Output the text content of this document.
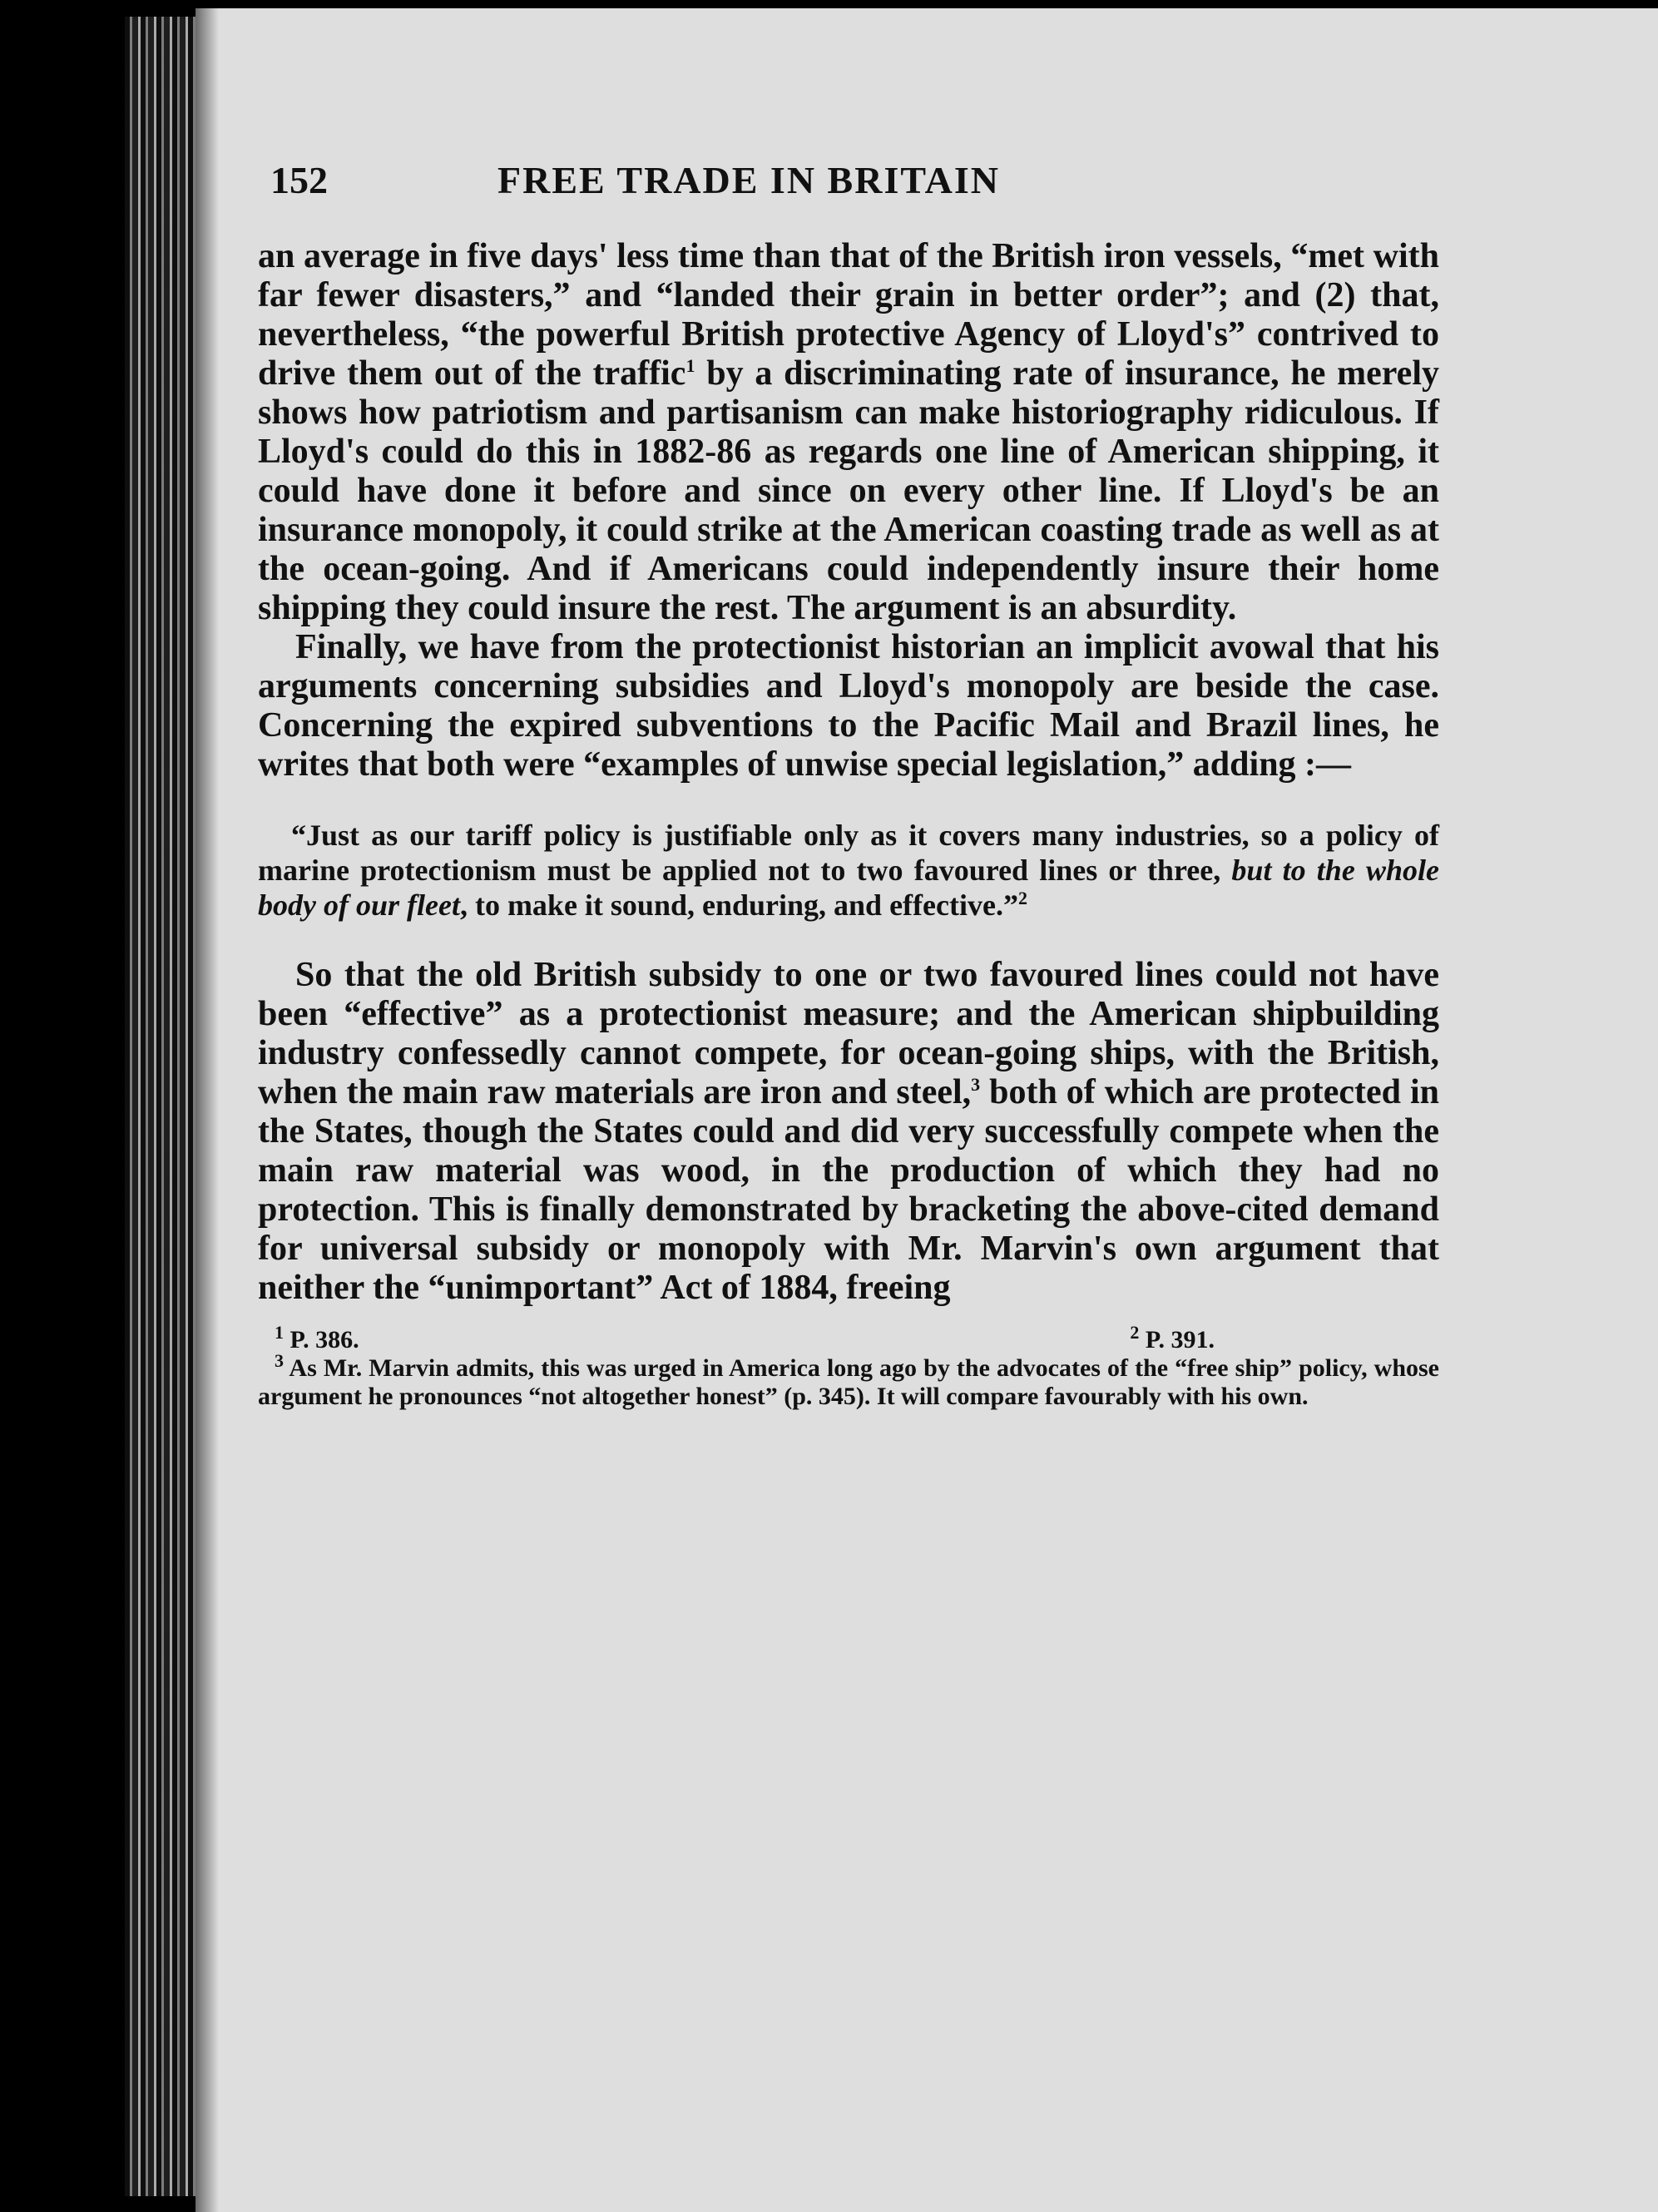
152	FREE TRADE IN BRITAIN

an average in five days' less time than that of the British iron vessels, “met with far fewer disasters,” and “landed their grain in better order”; and (2) that, nevertheless, “the powerful British protective Agency of Lloyd's” contrived to drive them out of the traffic$^1$ by a discriminating rate of insurance, he merely shows how patriotism and partisanism can make historiography ridiculous. If Lloyd's could do this in 1882-86 as regards one line of American shipping, it could have done it before and since on every other line. If Lloyd's be an insurance monopoly, it could strike at the American coasting trade as well as at the ocean-going. And if Americans could independently insure their home shipping they could insure the rest. The argument is an absurdity.

Finally, we have from the protectionist historian an implicit avowal that his arguments concerning subsidies and Lloyd's monopoly are beside the case. Concerning the expired subventions to the Pacific Mail and Brazil lines, he writes that both were “examples of unwise special legislation,” adding :—

“Just as our tariff policy is justifiable only as it covers many industries, so a policy of marine protectionism must be applied not to two favoured lines or three, but to the whole body of our fleet, to make it sound, enduring, and effective.”$^2$

So that the old British subsidy to one or two favoured lines could not have been “effective” as a protectionist measure; and the American shipbuilding industry confessedly cannot compete, for ocean-going ships, with the British, when the main raw materials are iron and steel,$^3$ both of which are protected in the States, though the States could and did very successfully compete when the main raw material was wood, in the production of which they had no protection. This is finally demonstrated by bracketing the above-cited demand for universal subsidy or monopoly with Mr. Marvin's own argument that neither the “unimportant” Act of 1884, freeing

$^1$ P. 386.	$^2$ P. 391.

$^3$ As Mr. Marvin admits, this was urged in America long ago by the advocates of the “free ship” policy, whose argument he pronounces “not altogether honest” (p. 345). It will compare favourably with his own.
